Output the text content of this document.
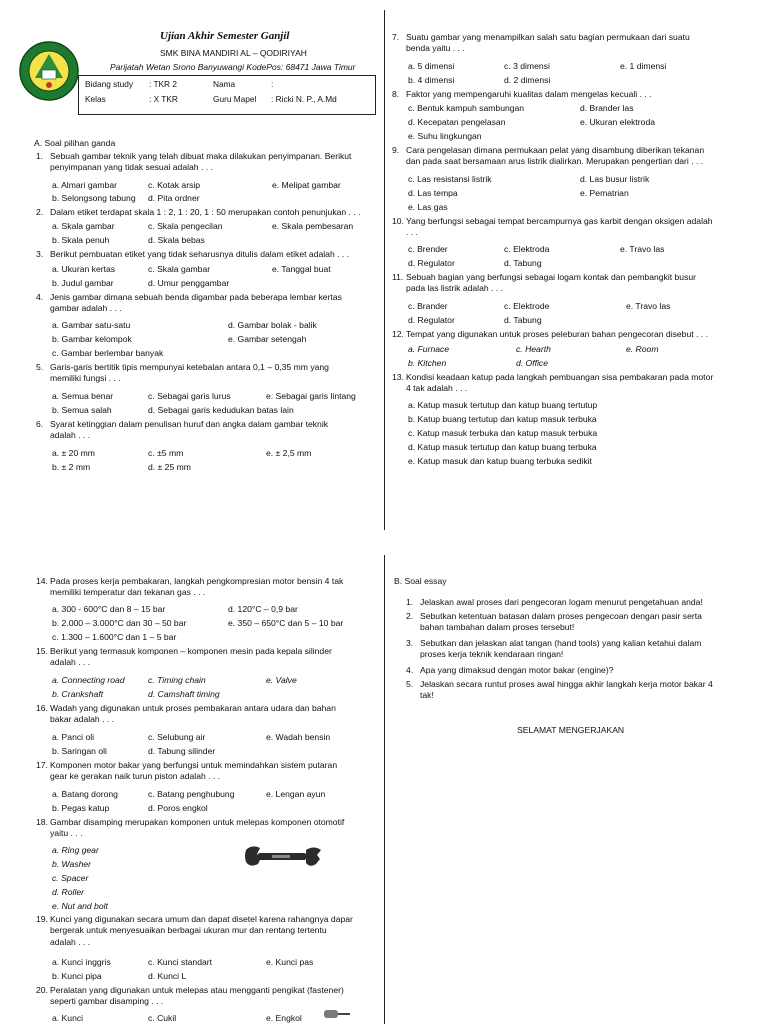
Ujian Akhir Semester Ganjil
SMK BINA MANDIRI AL – QODIRIYAH
Parijatah Wetan Srono Banyuwangi KodePos: 68471 Jawa Timur
Bidang study : TKR 2	Nama	:
Kelas	: X TKR	Guru Mapel : Ricki N. P., A.Md
A. Soal pilihan ganda
1. Sebuah gambar teknik yang telah dibuat maka dilakukan penyimpanan. Berikut
penyimpanan yang tidak sesuai adalah . . .
a. Almari gambar	c. Kotak arsip	e. Melipat gambar
b. Selongsong tabung d. Pita ordner
2. Dalam etiket terdapat skala 1 : 2, 1 : 20, 1 : 50 merupakan contoh penunjukan . . .
a. Skala gambar	c. Skala pengecilan	e. Skala pembesaran
b. Skala penuh	d. Skala bebas
3. Berikut pembuatan etiket yang tidak seharusnya ditulis dalam etiket adalah . . .
a. Ukuran kertas	c. Skala gambar	e. Tanggal buat
b. Judul gambar	d. Umur penggambar
4. Jenis gambar dimana sebuah benda digambar pada beberapa lembar kertas
gambar adalah . . .
a. Gambar satu-satu	d. Gambar bolak - balik
b. Gambar kelompok	e. Gambar setengah
c. Gambar berlembar banyak
5. Garis-garis bertitik tipis mempunyai ketebalan antara 0,1 – 0,35 mm yang
memiliki fungsi . . .
a. Semua benar	c. Sebagai garis lurus	e. Sebagai garis lintang
b. Semua salah	d. Sebagai garis kedudukan batas lain
6. Syarat ketinggian dalam penulisan huruf dan angka dalam gambar teknik
adalah . . .
a. ± 20 mm	c. ±5 mm	e. ± 2,5 mm
b. ± 2 mm	d. ± 25 mm
7. Suatu gambar yang menampilkan salah satu bagian permukaan dari suatu
benda yaitu . . .
a. 5 dimensi	c. 3 dimensi	e. 1 dimensi
b. 4 dimensi	d. 2 dimensi
8. Faktor yang mempengaruhi kualitas dalam mengelas kecuali . . .
c. Bentuk kampuh sambungan	d. Brander las
d. Kecepatan pengelasan	e. Ukuran elektroda
e. Suhu lingkungan
9. Cara pengelasan dimana permukaan pelat yang disambung diberikan tekanan
dan pada saat bersamaan arus listrik dialirkan. Merupakan pengertian dari . . .
c. Las resistansi listrik	d. Las busur listrik
d. Las tempa	e. Pematrian
e. Las gas
10. Yang berfungsi sebagai tempat bercampurnya gas karbit dengan oksigen adalah
. . .
c. Brender	c. Elektroda	e. Travo las
d. Regulator	d. Tabung
11. Sebuah bagian yang berfungsi sebagai logam kontak dan pembangkit busur
pada las listrik adalah . . .
c. Brander	c. Elektrode	e. Travo las
d. Regulator	d. Tabung
12. Tempat yang digunakan untuk proses peleburan bahan pengecoran disebut . . .
a. Furnace	c. Hearth	e. Room
b. Kitchen	d. Office
13. Kondisi keadaan katup pada langkah pembuangan sisa pembakaran pada motor
4 tak adalah . . .
a. Katup masuk tertutup dan katup buang tertutup
b. Katup buang tertutup dan katup masuk terbuka
c. Katup masuk terbuka dan katup masuk terbuka
d. Katup masuk tertutup dan katup buang terbuka
e. Katup masuk dan katup buang terbuka sedikit
14. Pada proses kerja pembakaran, langkah pengkompresian motor bensin 4 tak
memiliki temperatur dan tekanan gas . . .
a. 300 - 600°C dan 8 – 15 bar	d. 120°C – 0,9 bar
b. 2.000 – 3.000°C dan 30 – 50 bar	e. 350 – 650°C dan 5 – 10 bar
c. 1.300 – 1.600°C dan 1 – 5 bar
15. Berikut yang termasuk komponen – komponen mesin pada kepala silinder
adalah . . .
a. Connecting road	c. Timing chain	e. Valve
b. Crankshaft	d. Camshaft timing
16. Wadah yang digunakan untuk proses pembakaran antara udara dan bahan
bakar adalah . . .
a. Panci oli	c. Selubung air	e. Wadah bensin
b. Saringan oli	d. Tabung silinder
17. Komponen motor bakar yang berfungsi untuk memindahkan sistem putaran
gear ke gerakan naik turun piston adalah . . .
a. Batang dorong	c. Batang penghubung	e. Lengan ayun
b. Pegas katup	d. Poros engkol
18. Gambar disamping merupakan komponen untuk melepas komponen otomotif
yaitu . . .
a. Ring gear
b. Washer
c. Spacer
d. Roller
e. Nut and bolt
19. Kunci yang digunakan secara umum dan dapat disetel karena rahangnya dapar
bergerak untuk menyesuaikan berbagai ukuran mur dan rentang tertentu
adalah . . .
a. Kunci inggris	c. Kunci standart	e. Kunci pas
b. Kunci pipa	d. Kunci L
20. Peralatan yang digunakan untuk melepas atau mengganti pengikat (fastener)
seperti gambar disamping . . .
a. Kunci	c. Cukil	e. Engkol
B. Soal essay
1. Jelaskan awal proses dari pengecoran logam menurut pengetahuan anda!
2. Sebutkan ketentuan batasan dalam proses pengecoan dengan pasir serta
bahan tambahan dalam proses tersebut!
3. Sebutkan dan jelaskan alat tangan (hand tools) yang kalian ketahui dalam
proses kerja teknik kendaraan ringan!
4. Apa yang dimaksud dengan motor bakar (engine)?
5. Jelaskan secara runtut proses awal hingga akhir langkah kerja motor bakar 4
tak!
SELAMAT MENGERJAKAN
